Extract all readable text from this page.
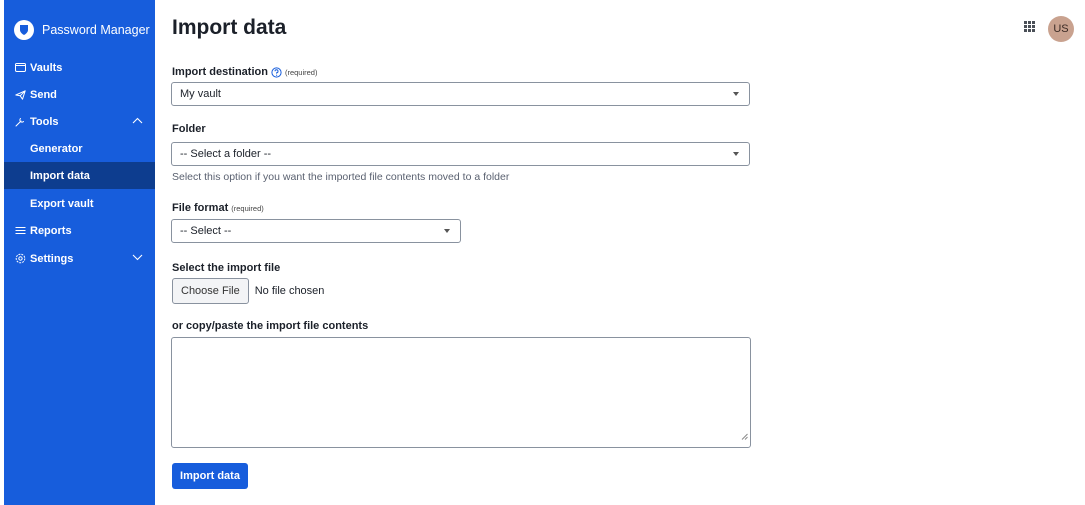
Password Manager
Vaults
Send
Tools
Generator
Import data
Export vault
Reports
Settings
Import data
Import destination (required)
My vault
Folder
-- Select a folder --
Select this option if you want the imported file contents moved to a folder
File format (required)
-- Select --
Select the import file
Choose File	No file chosen
or copy/paste the import file contents
Import data
US
